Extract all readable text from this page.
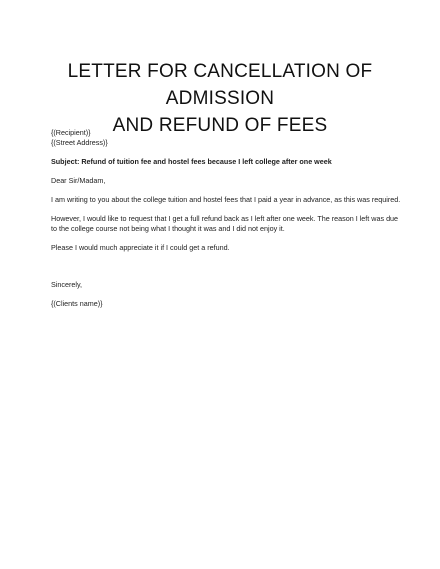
LETTER FOR CANCELLATION OF ADMISSION
AND REFUND OF FEES

{(Recipient)}
{(Street Address)}

Subject: Refund of tuition fee and hostel fees because I left college after one week

Dear Sir/Madam,

I am writing to you about the college tuition and hostel fees that I paid a year in advance, as this was required.

However, I would like to request that I get a full refund back as I left after one week. The reason I left was due to the college course not being what I thought it was and I did not enjoy it.

Please I would much appreciate it if I could get a refund.

Sincerely,

{(Clients name)}
